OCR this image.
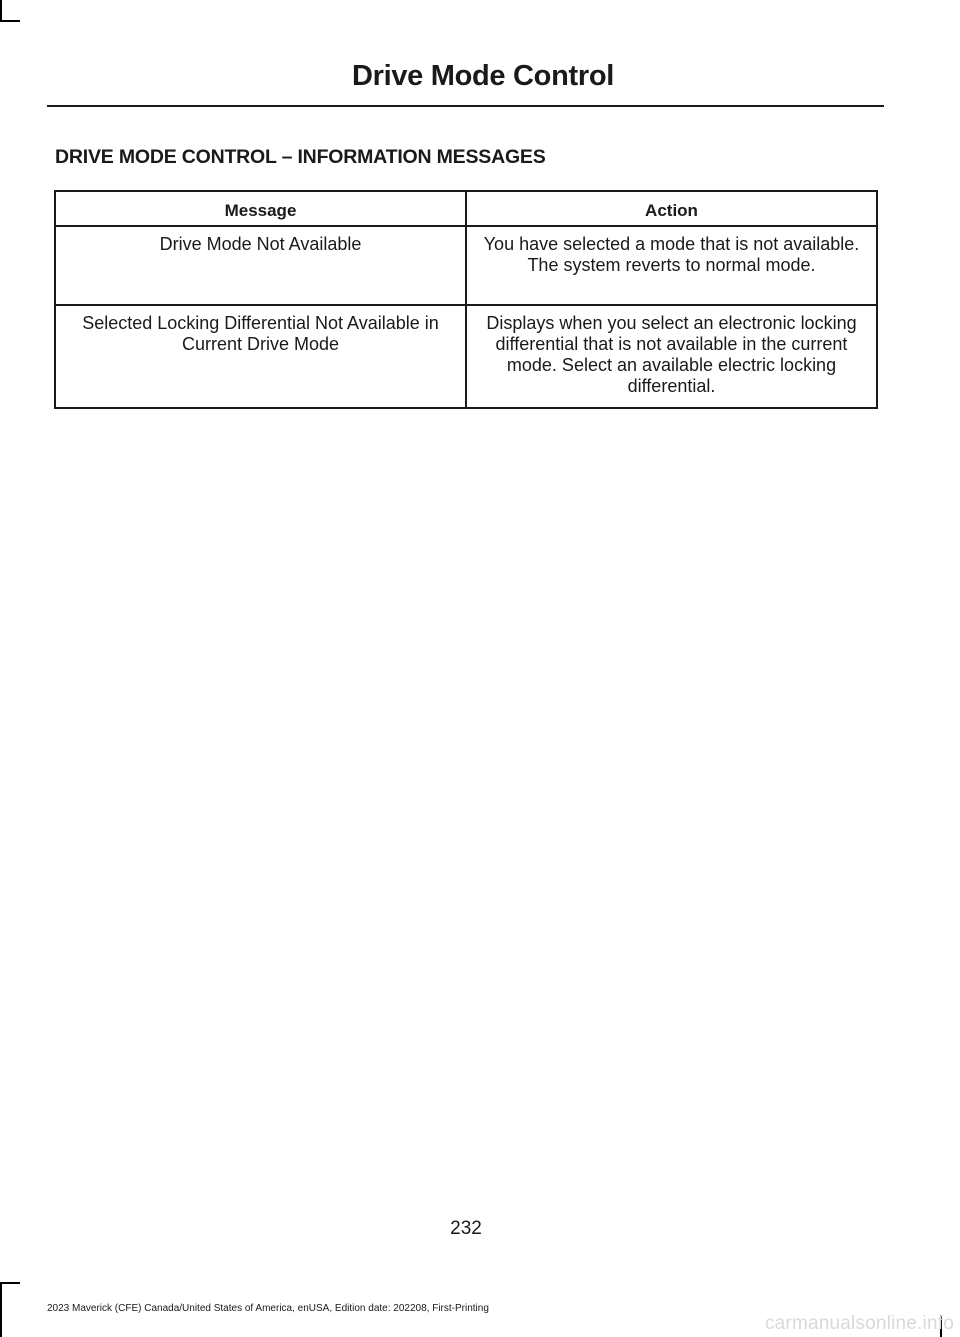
Drive Mode Control
DRIVE MODE CONTROL – INFORMATION MESSAGES
Message	Action
Drive Mode Not Available	You have selected a mode that is not available. The system reverts to normal mode.
Selected Locking Differential Not Available in Current Drive Mode	Displays when you select an electronic locking differential that is not available in the current mode. Select an available electric locking differential.
232
2023 Maverick (CFE) Canada/United States of America, enUSA, Edition date: 202208, First-Printing
carmanualsonline.info
